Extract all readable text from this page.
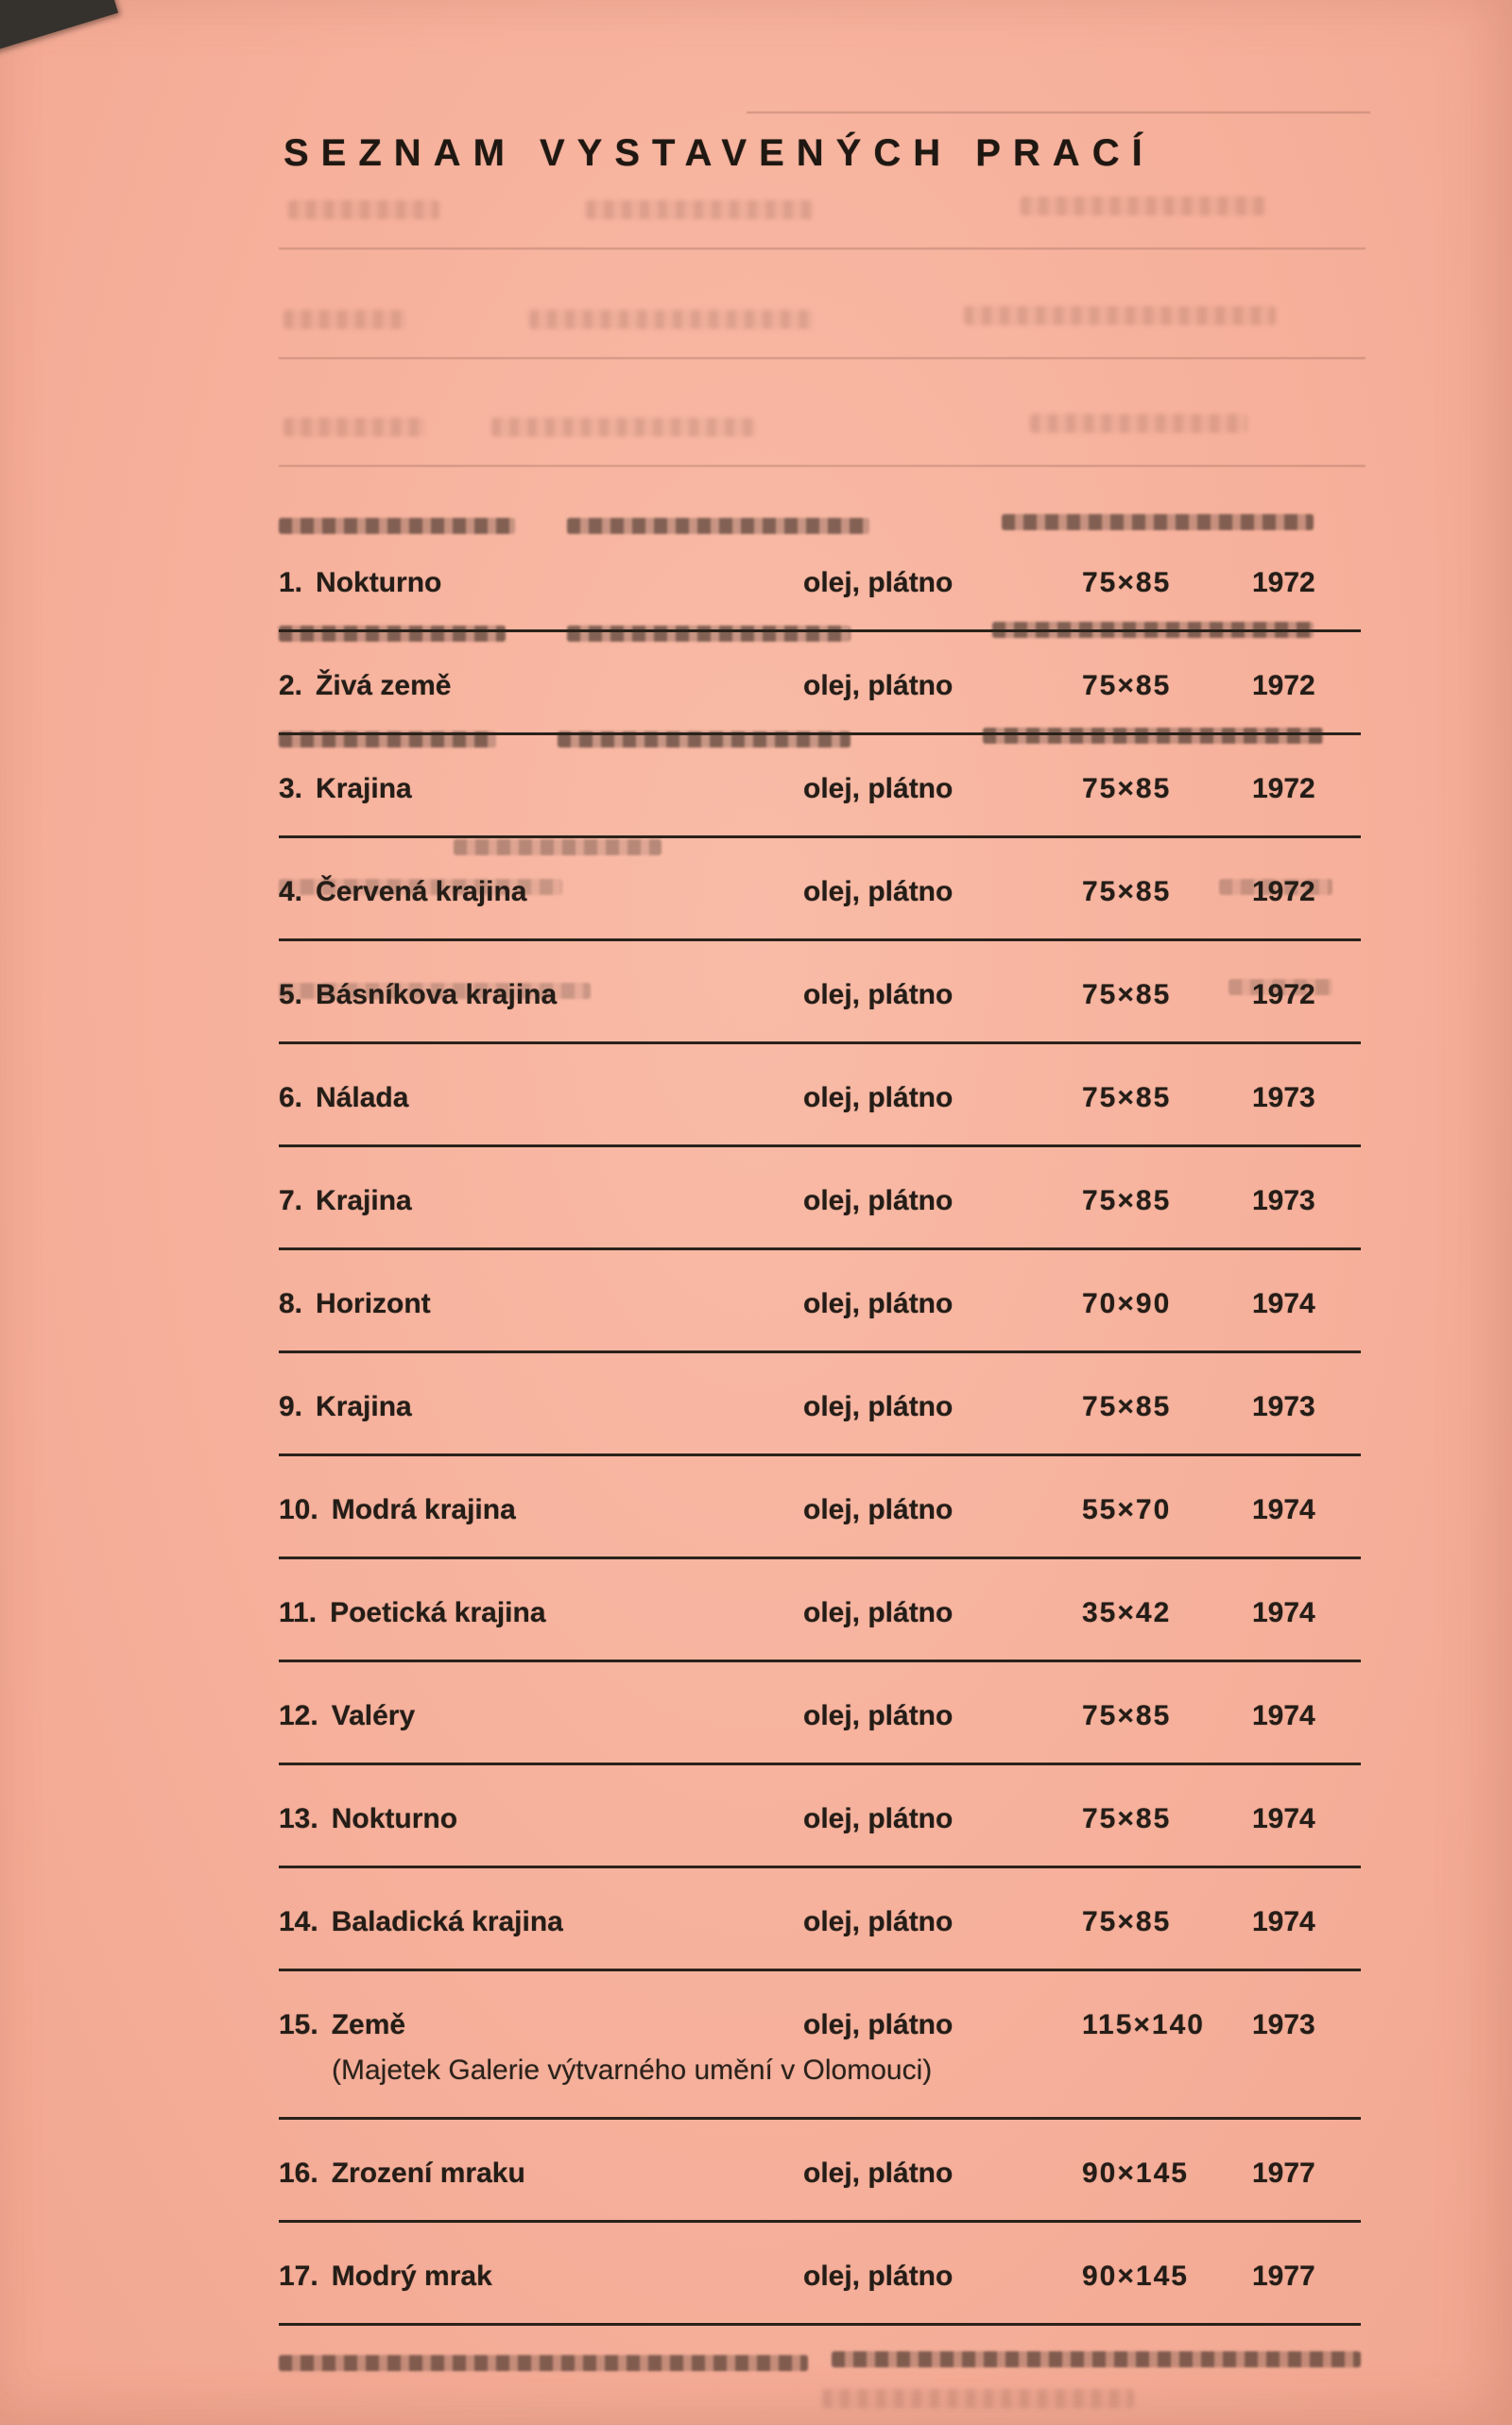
SEZNAM VYSTAVENÝCH PRACÍ
1. Nokturno	olej, plátno	75×85	1972
2. Živá země	olej, plátno	75×85	1972
3. Krajina	olej, plátno	75×85	1972
4. Červená krajina	olej, plátno	75×85	1972
5. Básníkova krajina	olej, plátno	75×85	1972
6. Nálada	olej, plátno	75×85	1973
7. Krajina	olej, plátno	75×85	1973
8. Horizont	olej, plátno	70×90	1974
9. Krajina	olej, plátno	75×85	1973
10. Modrá krajina	olej, plátno	55×70	1974
11. Poetická krajina	olej, plátno	35×42	1974
12. Valéry	olej, plátno	75×85	1974
13. Nokturno	olej, plátno	75×85	1974
14. Baladická krajina	olej, plátno	75×85	1974
15. Země	olej, plátno	115×140	1973
(Majetek Galerie výtvarného umění v Olomouci)
16. Zrození mraku	olej, plátno	90×145	1977
17. Modrý mrak	olej, plátno	90×145	1977
